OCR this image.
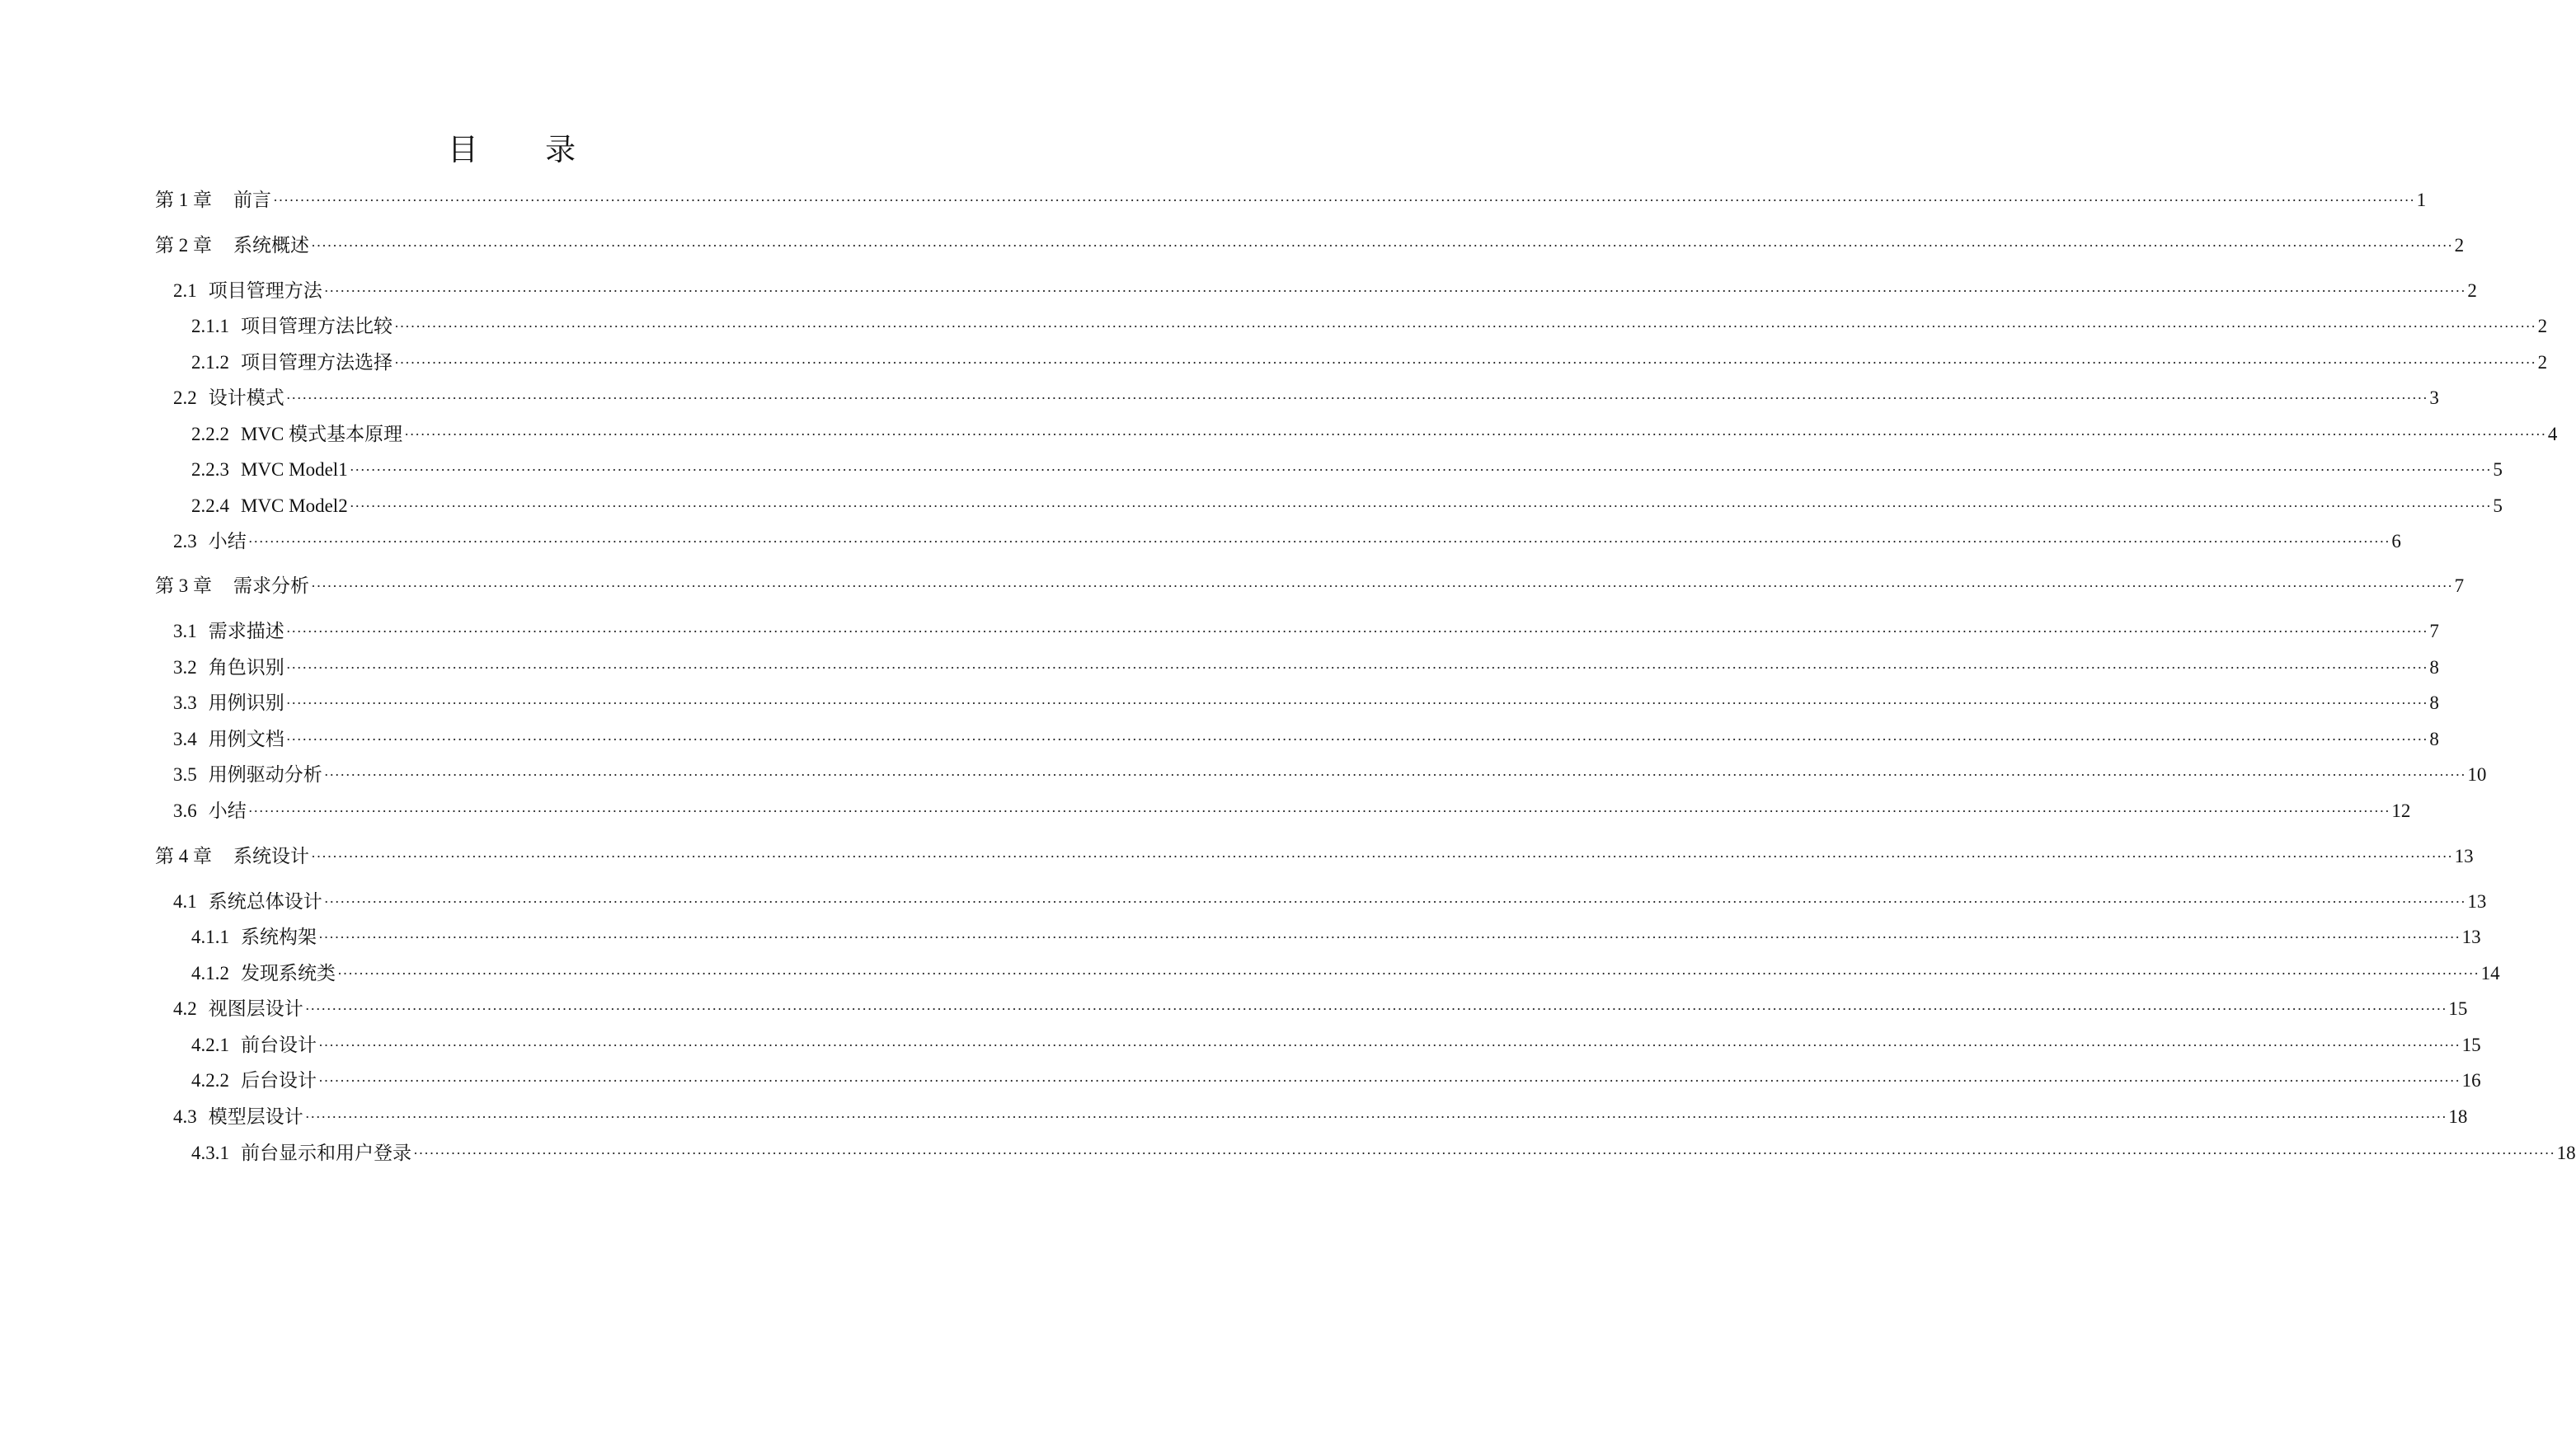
目 录
第 1 章 前言 ················································································································································································································································································································································································································ 1
第 2 章 系统概述 ················································································································································································································································································································································································································ 2
2.1 项目管理方法 ················································································································································································································································································································································································································ 2
2.1.1 项目管理方法比较 ················································································································································································································································································································································································································ 2
2.1.2 项目管理方法选择 ················································································································································································································································································································································································································ 2
2.2 设计模式 ················································································································································································································································································································································································································ 3
2.2.2 MVC 模式基本原理 ················································································································································································································································································································································································································ 4
2.2.3 MVC Model1 ················································································································································································································································································································································································································ 5
2.2.4 MVC Model2 ················································································································································································································································································································································································································ 5
2.3 小结 ················································································································································································································································································································································································································ 6
第 3 章 需求分析 ················································································································································································································································································································································································································ 7
3.1 需求描述 ················································································································································································································································································································································································································ 7
3.2 角色识别 ················································································································································································································································································································································································································ 8
3.3 用例识别 ················································································································································································································································································································································································································ 8
3.4 用例文档 ················································································································································································································································································································································································································ 8
3.5 用例驱动分析 ················································································································································································································································································································································································································ 10
3.6 小结 ················································································································································································································································································································································································································ 12
第 4 章 系统设计 ················································································································································································································································································································································································································ 13
4.1 系统总体设计 ················································································································································································································································································································································································································ 13
4.1.1 系统构架 ················································································································································································································································································································································································································ 13
4.1.2 发现系统类 ················································································································································································································································································································································································································ 14
4.2 视图层设计 ················································································································································································································································································································································································································ 15
4.2.1 前台设计 ················································································································································································································································································································································································································ 15
4.2.2 后台设计 ················································································································································································································································································································································································································ 16
4.3 模型层设计 ················································································································································································································································································································································································································ 18
4.3.1 前台显示和用户登录 ················································································································································································································································································································································································································ 18
